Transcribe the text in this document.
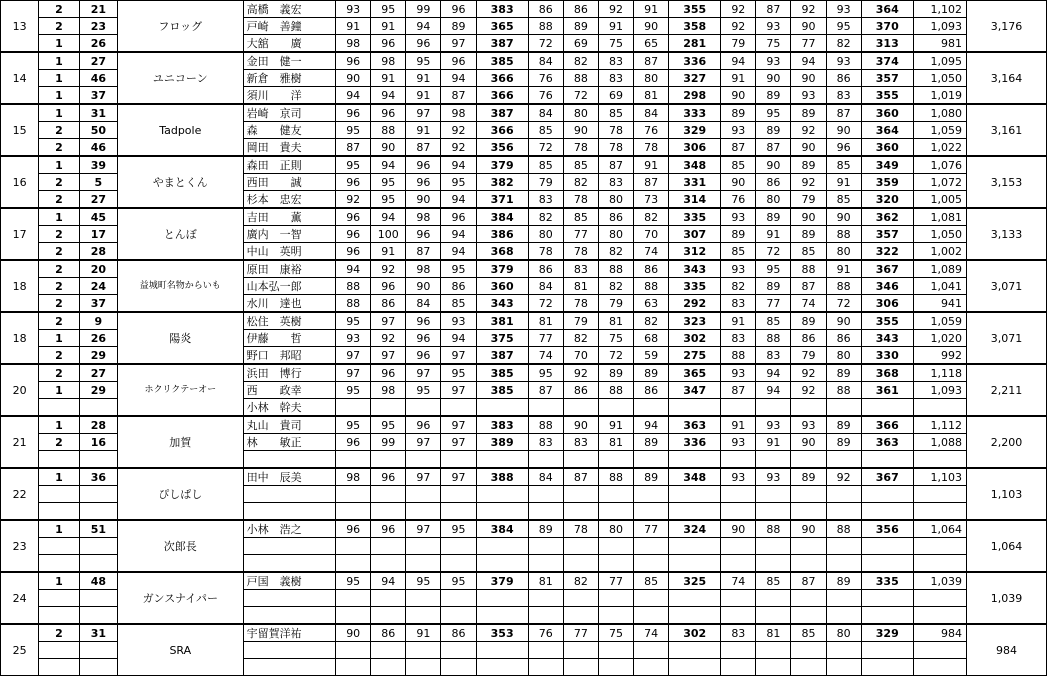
13	2	21	フロッグ	高橋　義宏	93	95	99	96	383	86	86	92	91	355	92	87	92	93	364	1,102	3,176
	2	23		戸崎　善鐘	91	91	94	89	365	88	89	91	90	358	92	93	90	95	370	1,093	
	1	26		大舘　　廣	98	96	96	97	387	72	69	75	65	281	79	75	77	82	313	981	
14	1	27	ユニコーン	金田　健一	96	98	95	96	385	84	82	83	87	336	94	93	94	93	374	1,095	3,164
	1	46		新倉　雅樹	90	91	91	94	366	76	88	83	80	327	91	90	90	86	357	1,050	
	1	37		須川　　洋	94	94	91	87	366	76	72	69	81	298	90	89	93	83	355	1,019	
15	1	31	Tadpole	岩崎　京司	96	96	97	98	387	84	80	85	84	333	89	95	89	87	360	1,080	3,161
	2	50		森　　健友	95	88	91	92	366	85	90	78	76	329	93	89	92	90	364	1,059	
	2	46		岡田　貴夫	87	90	87	92	356	72	78	78	78	306	87	87	90	96	360	1,022	
16	1	39	やまとくん	森田　正則	95	94	96	94	379	85	85	87	91	348	85	90	89	85	349	1,076	3,153
	2	5		西田　　誠	96	95	96	95	382	79	82	83	87	331	90	86	92	91	359	1,072	
	2	27		杉本　忠宏	92	95	90	94	371	83	78	80	73	314	76	80	79	85	320	1,005	
17	1	45	とんぼ	吉田　　薫	96	94	98	96	384	82	85	86	82	335	93	89	90	90	362	1,081	3,133
	2	17		廣内　一智	96	100	96	94	386	80	77	80	70	307	89	91	89	88	357	1,050	
	2	28		中山　英明	96	91	87	94	368	78	78	82	74	312	85	72	85	80	322	1,002	
18	2	20	益城町名物からいも	原田　康裕	94	92	98	95	379	86	83	88	86	343	93	95	88	91	367	1,089	3,071
	2	24		山本弘一郎	88	96	90	86	360	84	81	82	88	335	82	89	87	88	346	1,041	
	2	37		水川　達也	88	86	84	85	343	72	78	79	63	292	83	77	74	72	306	941	
18	2	9	陽炎	松住　英樹	95	97	96	93	381	81	79	81	82	323	91	85	89	90	355	1,059	3,071
	1	26		伊藤　　哲	93	92	96	94	375	77	82	75	68	302	83	88	86	86	343	1,020	
	2	29		野口　邦昭	97	97	96	97	387	74	70	72	59	275	88	83	79	80	330	992	
20	2	27	ホクリクテーオー	浜田　博行	97	96	97	95	385	95	92	89	89	365	93	94	92	89	368	1,118	2,211
	1	29		西　　政幸	95	98	95	97	385	87	86	88	86	347	87	94	92	88	361	1,093	
				小林　幹夫																	
21	1	28	加賀	丸山　貴司	95	95	96	97	383	88	90	91	94	363	91	93	93	89	366	1,112	2,200
	2	16		林　　敏正	96	99	97	97	389	83	83	81	89	336	93	91	90	89	363	1,088	

22	1	36	ぴしぱし	田中　辰美	98	96	97	97	388	84	87	88	89	348	93	93	89	92	367	1,103	1,103

23	1	51	次郎長	小林　浩之	96	96	97	95	384	89	78	80	77	324	90	88	90	88	356	1,064	1,064

24	1	48	ガンスナイパー	戸国　義樹	95	94	95	95	379	81	82	77	85	325	74	85	87	89	335	1,039	1,039

25	2	31	SRA	宇留賀洋祐	90	86	91	86	353	76	77	75	74	302	83	81	85	80	329	984	984
